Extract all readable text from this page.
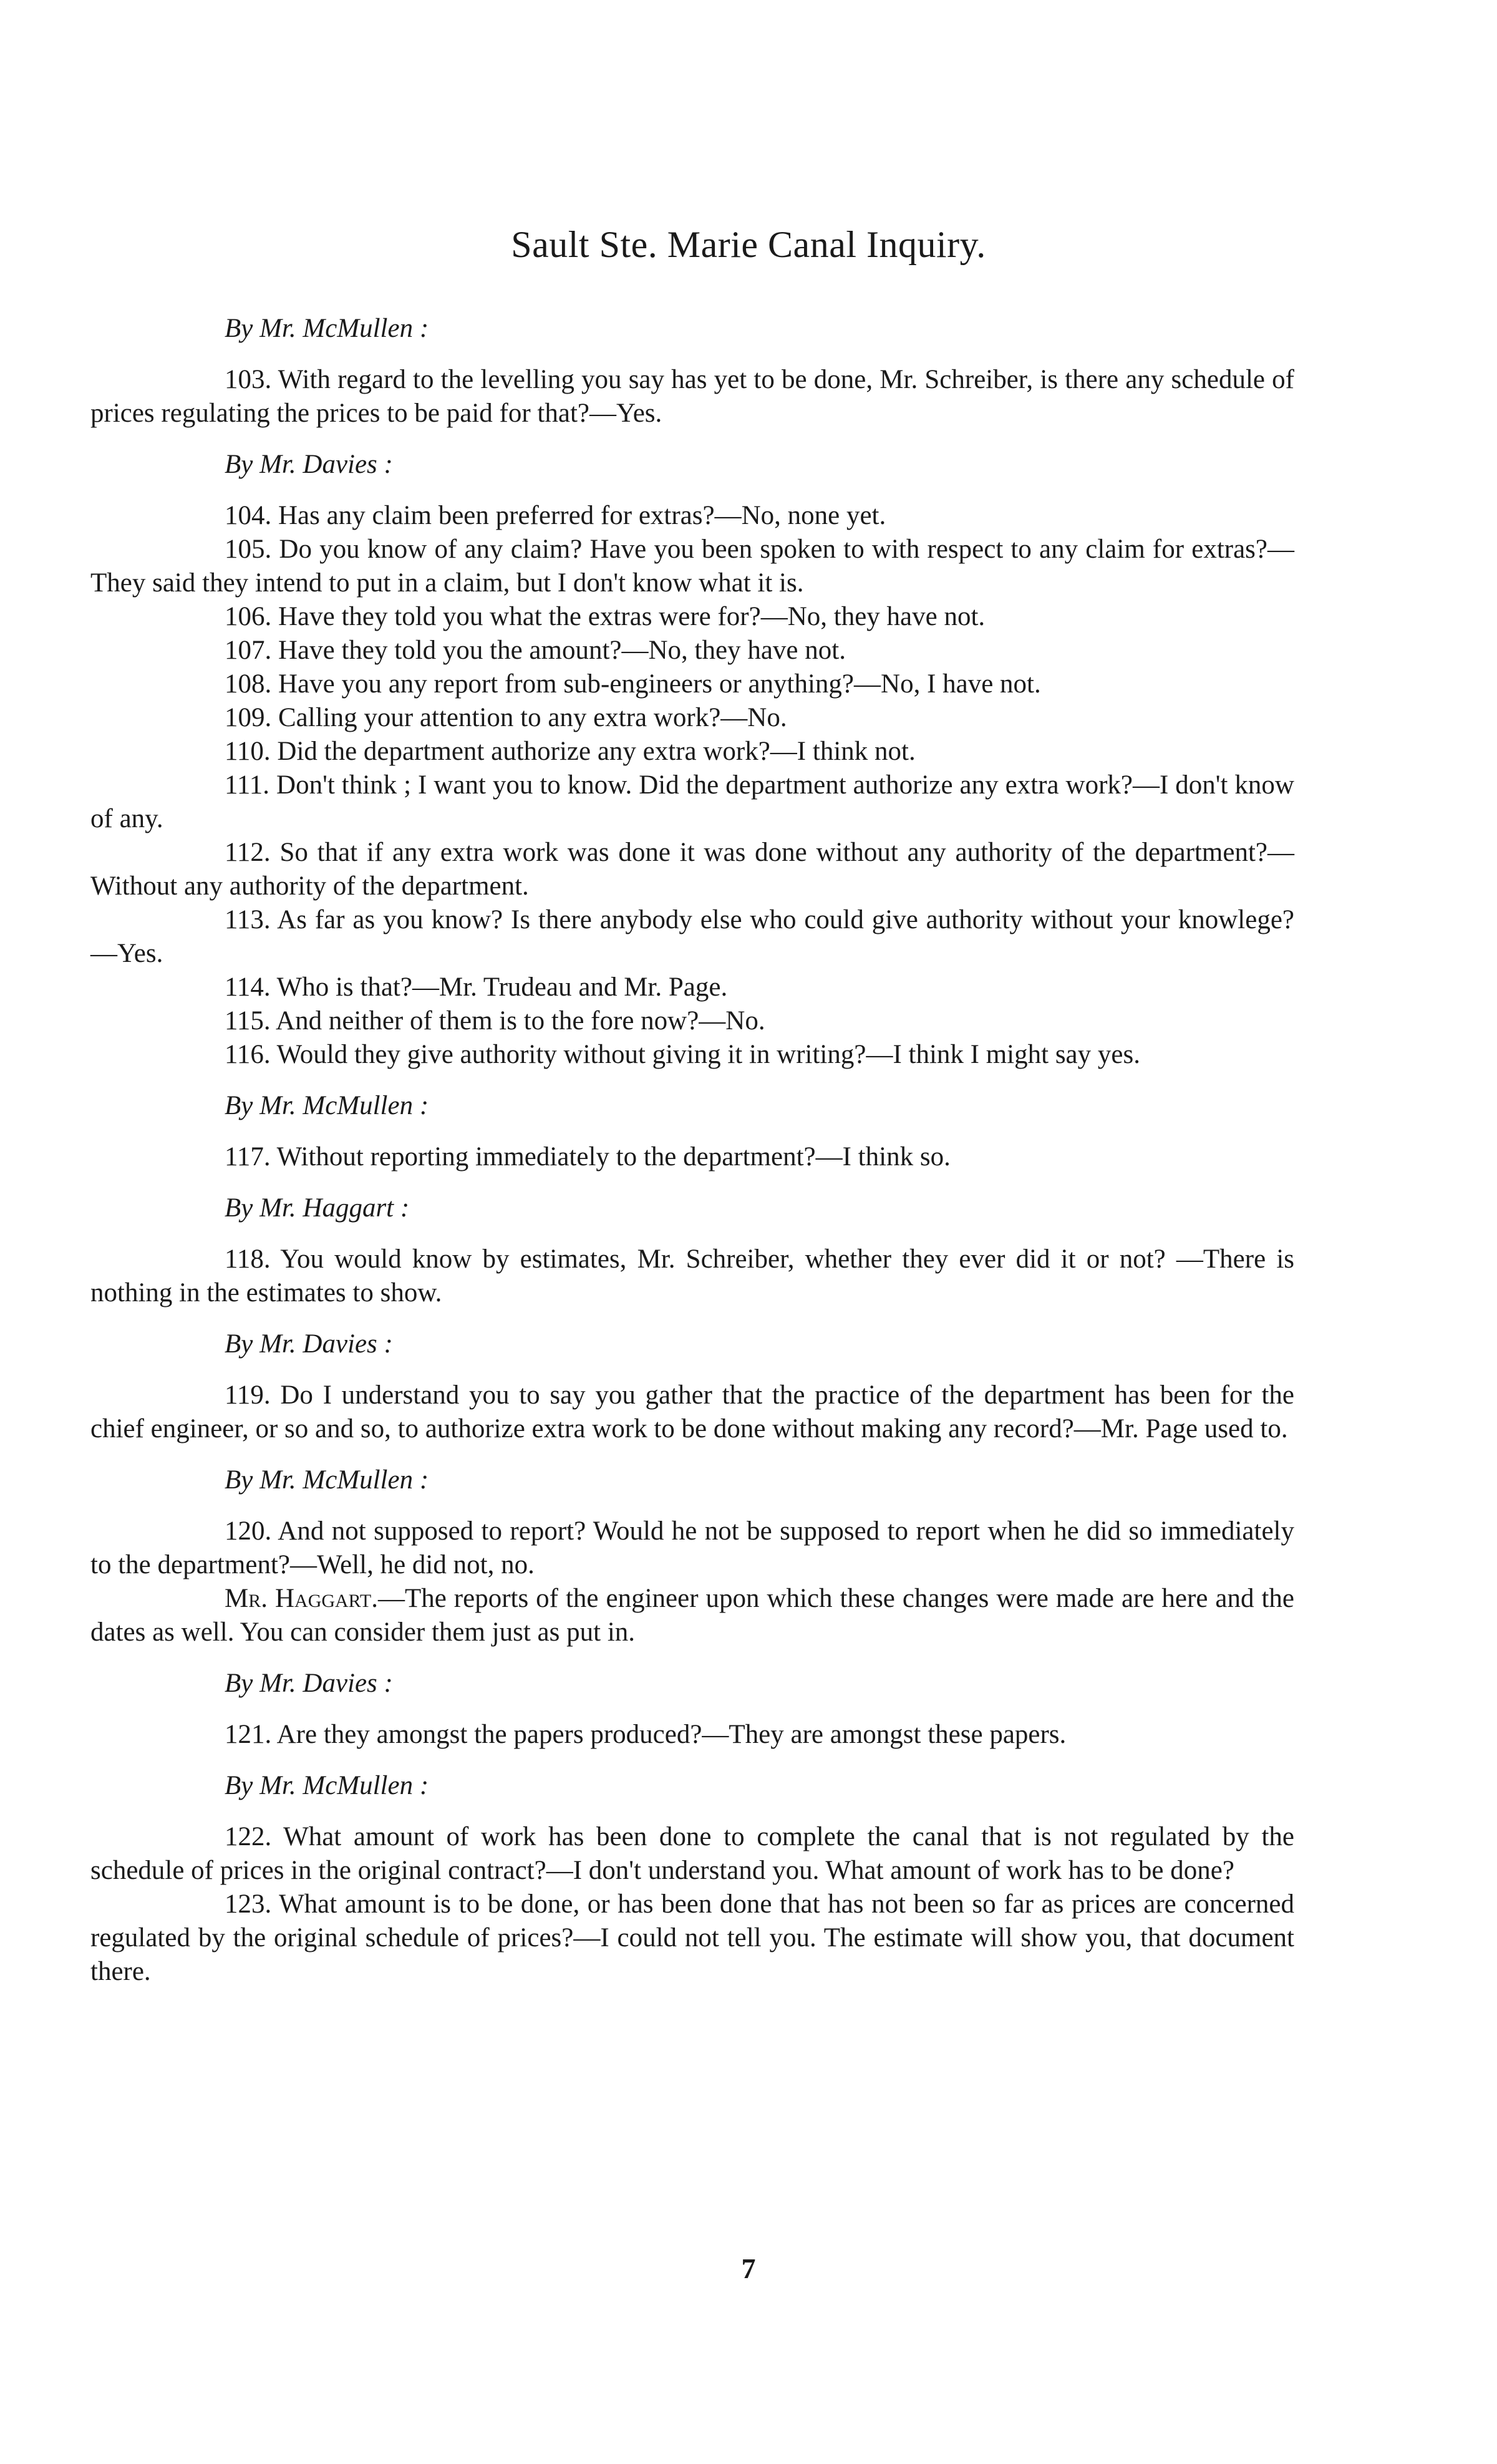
Sault Ste. Marie Canal Inquiry.
By Mr. McMullen :

103. With regard to the levelling you say has yet to be done, Mr. Schreiber, is there any schedule of prices regulating the prices to be paid for that?—Yes.

By Mr. Davies :

104. Has any claim been preferred for extras?—No, none yet.

105. Do you know of any claim? Have you been spoken to with respect to any claim for extras?—They said they intend to put in a claim, but I don't know what it is.

106. Have they told you what the extras were for?—No, they have not.

107. Have they told you the amount?—No, they have not.

108. Have you any report from sub-engineers or anything?—No, I have not.

109. Calling your attention to any extra work?—No.

110. Did the department authorize any extra work?—I think not.

111. Don't think ; I want you to know. Did the department authorize any extra work?—I don't know of any.

112. So that if any extra work was done it was done without any authority of the department?—Without any authority of the department.

113. As far as you know? Is there anybody else who could give authority without your knowlege?—Yes.

114. Who is that?—Mr. Trudeau and Mr. Page.

115. And neither of them is to the fore now?—No.

116. Would they give authority without giving it in writing?—I think I might say yes.

By Mr. McMullen :

117. Without reporting immediately to the department?—I think so.

By Mr. Haggart :

118. You would know by estimates, Mr. Schreiber, whether they ever did it or not? —There is nothing in the estimates to show.

By Mr. Davies :

119. Do I understand you to say you gather that the practice of the department has been for the chief engineer, or so and so, to authorize extra work to be done without making any record?—Mr. Page used to.

By Mr. McMullen :

120. And not supposed to report? Would he not be supposed to report when he did so immediately to the department?—Well, he did not, no.

Mr. Haggart.—The reports of the engineer upon which these changes were made are here and the dates as well. You can consider them just as put in.

By Mr. Davies :

121. Are they amongst the papers produced?—They are amongst these papers.

By Mr. McMullen :

122. What amount of work has been done to complete the canal that is not regulated by the schedule of prices in the original contract?—I don't understand you. What amount of work has to be done?

123. What amount is to be done, or has been done that has not been so far as prices are concerned regulated by the original schedule of prices?—I could not tell you. The estimate will show you, that document there.

7
